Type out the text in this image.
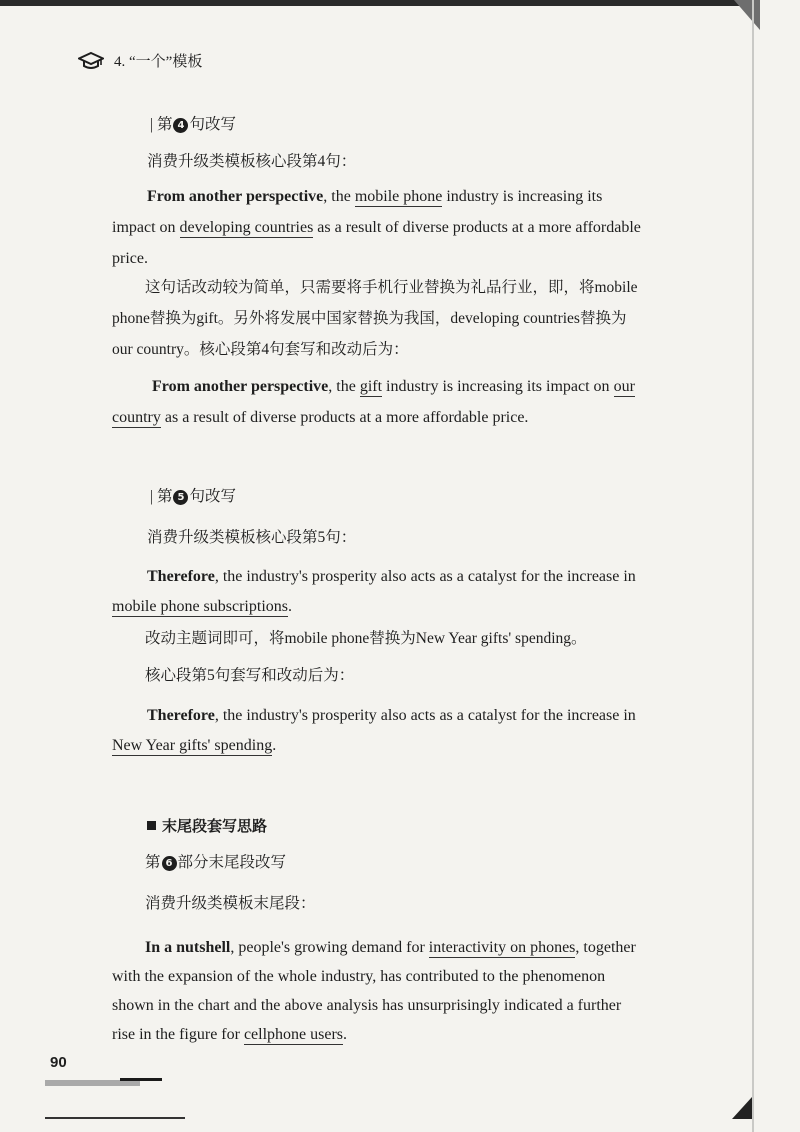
4. “一个”模板
| 第 4 句改写
消费升级类模板核心段第4句：
From another perspective, the mobile phone industry is increasing its
impact on developing countries as a result of diverse products at a more affordable
price.
这句话改动较为简单，只需要将手机行业替换为礼品行业，即，将mobile
phone替换为gift。另外将发展中国家替换为我国，developing countries替换为
our country。核心段第4句套写和改动后为：
From another perspective, the gift industry is increasing its impact on our
country as a result of diverse products at a more affordable price.
| 第 5 句改写
消费升级类模板核心段第5句：
Therefore, the industry's prosperity also acts as a catalyst for the increase in
mobile phone subscriptions.
改动主题词即可，将mobile phone替换为New Year gifts' spending。
核心段第5句套写和改动后为：
Therefore, the industry's prosperity also acts as a catalyst for the increase in
New Year gifts' spending.
末尾段套写思路
第 6 部分末尾段改写
消费升级类模板末尾段：
In a nutshell, people's growing demand for interactivity on phones, together
with the expansion of the whole industry, has contributed to the phenomenon
shown in the chart and the above analysis has unsurprisingly indicated a further
rise in the figure for cellphone users.
90
